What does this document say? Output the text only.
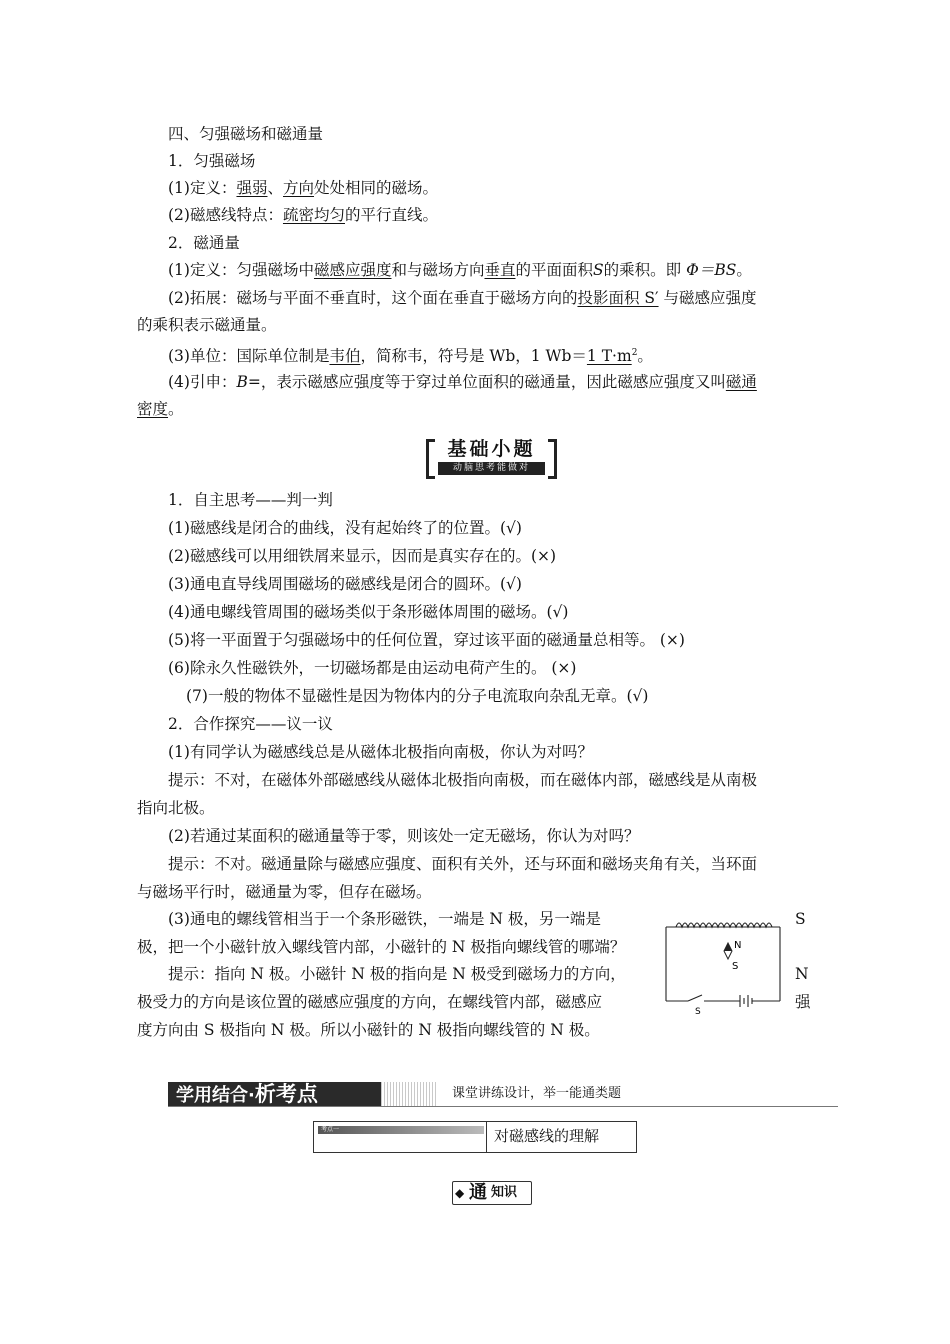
四、匀强磁场和磁通量
1．匀强磁场
(1)定义：强弱、方向处处相同的磁场。
(2)磁感线特点：疏密均匀的平行直线。
2．磁通量
(1)定义：匀强磁场中磁感应强度和与磁场方向垂直的平面面积S的乘积。即 Φ＝BS。
(2)拓展：磁场与平面不垂直时，这个面在垂直于磁场方向的投影面积 S′ 与磁感应强度
的乘积表示磁通量。
(3)单位：国际单位制是韦伯，简称韦，符号是 Wb，1 Wb＝1 $T\cdot m^2$。
(4)引申：B=，表示磁感应强度等于穿过单位面积的磁通量，因此磁感应强度又叫磁通
密度。
基础小题
动脑思考能做对
1．自主思考——判一判
(1)磁感线是闭合的曲线，没有起始终了的位置。(√)
(2)磁感线可以用细铁屑来显示，因而是真实存在的。(×)
(3)通电直导线周围磁场的磁感线是闭合的圆环。(√)
(4)通电螺线管周围的磁场类似于条形磁体周围的磁场。(√)
(5)将一平面置于匀强磁场中的任何位置，穿过该平面的磁通量总相等。 (×)
(6)除永久性磁铁外，一切磁场都是由运动电荷产生的。 (×)
(7)一般的物体不显磁性是因为物体内的分子电流取向杂乱无章。(√)
2．合作探究——议一议
(1)有同学认为磁感线总是从磁体北极指向南极，你认为对吗？
提示：不对，在磁体外部磁感线从磁体北极指向南极，而在磁体内部，磁感线是从南极
指向北极。
(2)若通过某面积的磁通量等于零，则该处一定无磁场，你认为对吗？
提示：不对。磁通量除与磁感应强度、面积有关外，还与环面和磁场夹角有关，当环面
与磁场平行时，磁通量为零，但存在磁场。
(3)通电的螺线管相当于一个条形磁铁，一端是 N 极，另一端是
极，把一个小磁针放入螺线管内部，小磁针的 N 极指向螺线管的哪端？
提示：指向 N 极。小磁针 N 极的指向是 N 极受到磁场力的方向，
极受力的方向是该位置的磁感应强度的方向，在螺线管内部，磁感应
度方向由 S 极指向 N 极。所以小磁针的 N 极指向螺线管的 N 极。
S
N
强
N
S
S
学用结合·析考点	课堂讲练设计，举一能通类题
考点一	对磁感线的理解
◆ 通 知识
